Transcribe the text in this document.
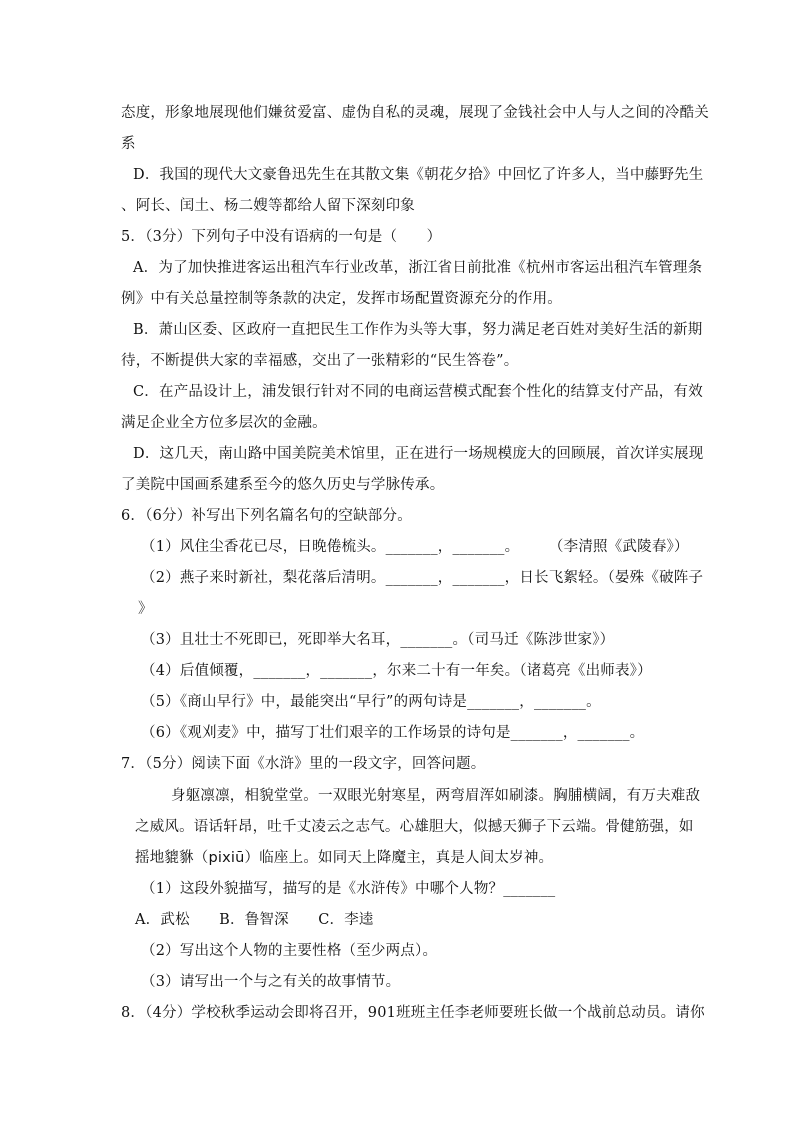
态度，形象地展现他们嫌贫爱富、虚伪自私的灵魂，展现了金钱社会中人与人之间的冷酷关
系
D．我国的现代大文豪鲁迅先生在其散文集《朝花夕拾》中回忆了许多人，当中藤野先生
、阿长、闰土、杨二嫂等都给人留下深刻印象
5．（3分）下列句子中没有语病的一句是（　　）
A．为了加快推进客运出租汽车行业改革，浙江省日前批准《杭州市客运出租汽车管理条
例》中有关总量控制等条款的决定，发挥市场配置资源充分的作用。
B．萧山区委、区政府一直把民生工作作为头等大事，努力满足老百姓对美好生活的新期
待，不断提供大家的幸福感，交出了一张精彩的“民生答卷”。
C．在产品设计上，浦发银行针对不同的电商运营模式配套个性化的结算支付产品，有效
满足企业全方位多层次的金融。
D．这几天，南山路中国美院美术馆里，正在进行一场规模庞大的回顾展，首次详实展现
了美院中国画系建系至今的悠久历史与学脉传承。
6．（6分）补写出下列名篇名句的空缺部分。
（1）风住尘香花已尽，日晚倦梳头。_______，_______。　　　（李清照《武陵春》）
（2）燕子来时新社，梨花落后清明。_______，_______，日长飞絮轻。（晏殊《破阵子
》
（3）且壮士不死即已，死即举大名耳，_______。（司马迁《陈涉世家》）
（4）后值倾覆，_______，_______，尔来二十有一年矣。（诸葛亮《出师表》）
（5）《商山早行》中，最能突出“早行”的两句诗是_______，_______。
（6）《观刈麦》中，描写丁壮们艰辛的工作场景的诗句是_______，_______。
7．（5分）阅读下面《水浒》里的一段文字，回答问题。
身躯凛凛，相貌堂堂。一双眼光射寒星，两弯眉浑如刷漆。胸脯横阔，有万夫难敌
之威风。语话轩昂，吐千丈凌云之志气。心雄胆大，似撼天狮子下云端。骨健筋强，如
摇地貔貅（pixiū）临座上。如同天上降魔主，真是人间太岁神。
（1）这段外貌描写，描写的是《水浒传》中哪个人物？_______
A．武松　　B．鲁智深　　C．李逵
（2）写出这个人物的主要性格（至少两点）。
（3）请写出一个与之有关的故事情节。
8．（4分）学校秋季运动会即将召开，901班班主任李老师要班长做一个战前总动员。请你
